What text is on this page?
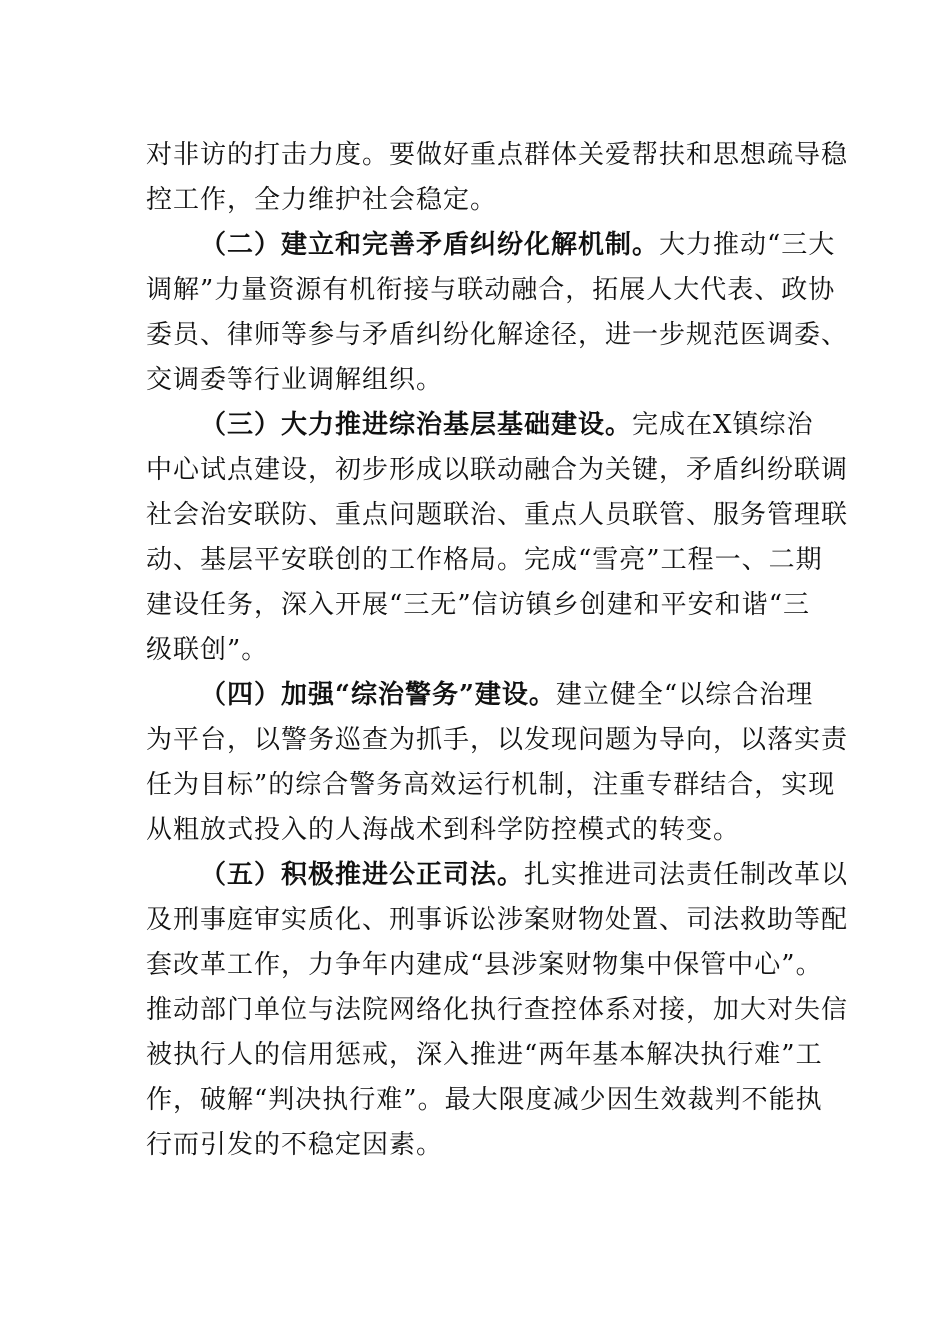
对非访的打击力度。要做好重点群体关爱帮扶和思想疏导稳
控工作，全力维护社会稳定。
（二）建立和完善矛盾纠纷化解机制。大力推动“三大
调解”力量资源有机衔接与联动融合，拓展人大代表、政协
委员、律师等参与矛盾纠纷化解途径，进一步规范医调委、
交调委等行业调解组织。
（三）大力推进综治基层基础建设。完成在X镇综治
中心试点建设，初步形成以联动融合为关键，矛盾纠纷联调
社会治安联防、重点问题联治、重点人员联管、服务管理联
动、基层平安联创的工作格局。完成“雪亮”工程一、二期
建设任务，深入开展“三无”信访镇乡创建和平安和谐“三
级联创”。
（四）加强“综治警务”建设。建立健全“以综合治理
为平台，以警务巡查为抓手，以发现问题为导向，以落实责
任为目标”的综合警务高效运行机制，注重专群结合，实现
从粗放式投入的人海战术到科学防控模式的转变。
（五）积极推进公正司法。扎实推进司法责任制改革以
及刑事庭审实质化、刑事诉讼涉案财物处置、司法救助等配
套改革工作，力争年内建成“县涉案财物集中保管中心”。
推动部门单位与法院网络化执行查控体系对接，加大对失信
被执行人的信用惩戒，深入推进“两年基本解决执行难”工
作，破解“判决执行难”。最大限度减少因生效裁判不能执
行而引发的不稳定因素。
